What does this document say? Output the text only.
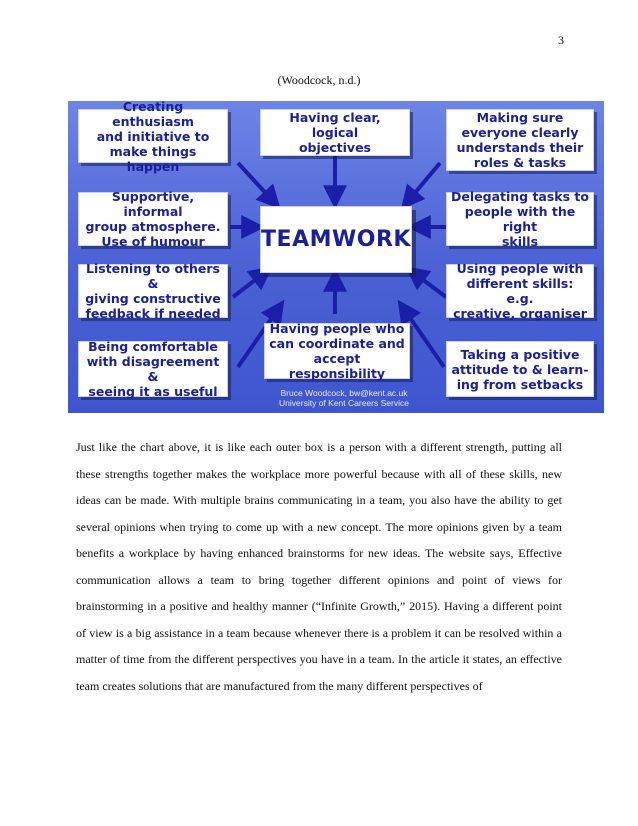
3
(Woodcock, n.d.)
Creating enthusiasm
and initiative to
make things happen
Having clear, logical
objectives
Making sure
everyone clearly
understands their
roles & tasks
Supportive, informal
group atmosphere.
Use of humour
Delegating tasks to
people with the right
skills
TEAMWORK
Listening to others &
giving constructive
feedback if needed
Using people with
different skills: e.g.
creative, organiser
Being comfortable
with disagreement &
seeing it as useful
Having people who
can coordinate and
accept responsibility
Taking a positive
attitude to & learn-
ing from setbacks
Bruce Woodcock, bw@kent.ac.uk
University of Kent Careers Service

Just like the chart above, it is like each outer box is a person with a different strength, putting all these strengths together makes the workplace more powerful because with all of these skills, new ideas can be made. With multiple brains communicating in a team, you also have the ability to get several opinions when trying to come up with a new concept. The more opinions given by a team benefits a workplace by having enhanced brainstorms for new ideas. The website says, Effective communication allows a team to bring together different opinions and point of views for brainstorming in a positive and healthy manner (“Infinite Growth,” 2015). Having a different point of view is a big assistance in a team because whenever there is a problem it can be resolved within a matter of time from the different perspectives you have in a team. In the article it states, an effective team creates solutions that are manufactured from the many different perspectives of
